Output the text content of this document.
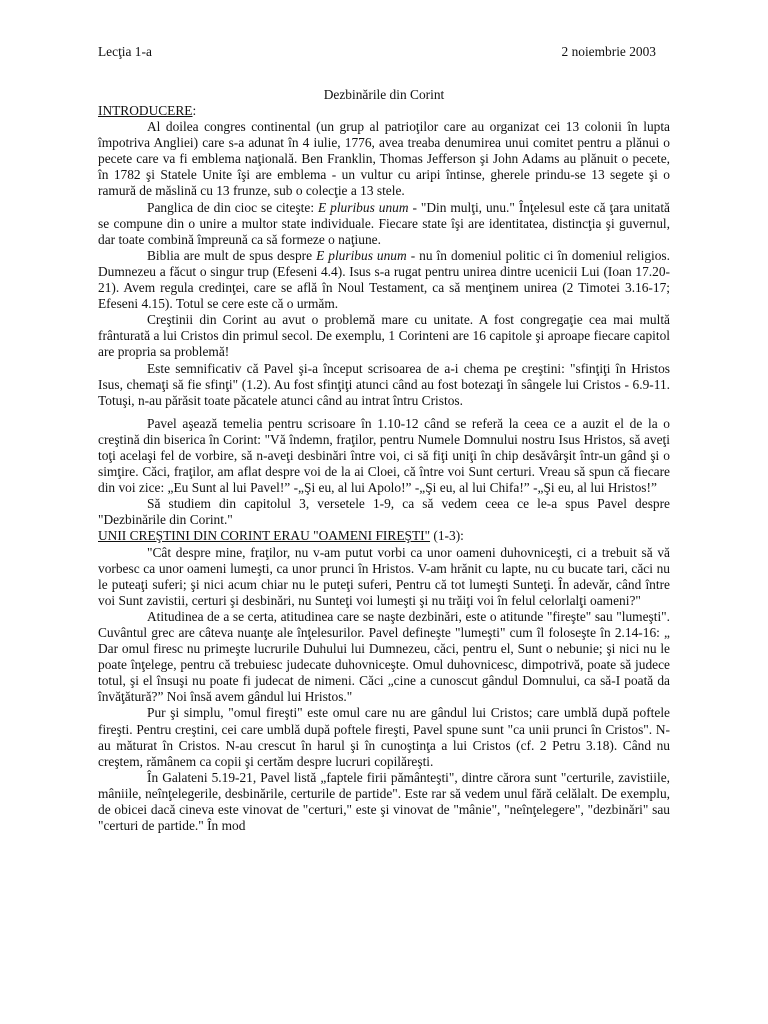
Lecţia 1-a	2 noiembrie 2003
Dezbinările din Corint

INTRODUCERE:

Al doilea congres continental (un grup al patrioţilor care au organizat cei 13 colonii în lupta împotriva Angliei) care s-a adunat în 4 iulie, 1776, avea treaba denumirea unui comitet pentru a plănui o pecete care va fi emblema naţională. Ben Franklin, Thomas Jefferson şi John Adams au plănuit o pecete, în 1782 şi Statele Unite îşi are emblema - un vultur cu aripi întinse, gherele prindu-se 13 segete şi o ramură de măslină cu 13 frunze, sub o colecţie a 13 stele.

Panglica de din cioc se citeşte: E pluribus unum - "Din mulţi, unu." Înţelesul este că ţara unitată se compune din o unire a multor state individuale. Fiecare state îşi are identitatea, distincţia şi guvernul, dar toate combină împreună ca să formeze o naţiune.

Biblia are mult de spus despre E pluribus unum - nu în domeniul politic ci în domeniul religios. Dumnezeu a făcut o singur trup (Efeseni 4.4). Isus s-a rugat pentru unirea dintre ucenicii Lui (Ioan 17.20-21). Avem regula credinţei, care se află în Noul Testament, ca să menţinem unirea (2 Timotei 3.16-17; Efeseni 4.15). Totul se cere este că o urmăm.

Creştinii din Corint au avut o problemă mare cu unitate. A fost congregaţie cea mai multă frânturată a lui Cristos din primul secol. De exemplu, 1 Corinteni are 16 capitole şi aproape fiecare capitol are propria sa problemă!

Este semnificativ că Pavel şi-a început scrisoarea de a-i chema pe creştini: "sfinţiţi în Hristos Isus, chemaţi să fie sfinţi" (1.2). Au fost sfinţiţi atunci când au fost botezaţi în sângele lui Cristos - 6.9-11. Totuşi, n-au părăsit toate păcatele atunci când au intrat întru Cristos.

Pavel aşează temelia pentru scrisoare în 1.10-12 când se referă la ceea ce a auzit el de la o creştină din biserica în Corint: "Vă îndemn, fraţilor, pentru Numele Domnului nostru Isus Hristos, să aveţi toţi acelaşi fel de vorbire, să n-aveţi desbinări între voi, ci să fiţi uniţi în chip desăvârşit într-un gând şi o simţire. Căci, fraţilor, am aflat despre voi de la ai Cloei, că între voi Sunt certuri. Vreau să spun că fiecare din voi zice: „Eu Sunt al lui Pavel!” -„Şi eu, al lui Apolo!” -„Şi eu, al lui Chifa!” -„Şi eu, al lui Hristos!”

Să studiem din capitolul 3, versetele 1-9, ca să vedem ceea ce le-a spus Pavel despre "Dezbinările din Corint."

UNII CREŞTINI DIN CORINT ERAU "OAMENI FIREŞTI" (1-3):

"Cât despre mine, fraţilor, nu v-am putut vorbi ca unor oameni duhovniceşti, ci a trebuit să vă vorbesc ca unor oameni lumeşti, ca unor prunci în Hristos. V-am hrănit cu lapte, nu cu bucate tari, căci nu le puteaţi suferi; şi nici acum chiar nu le puteţi suferi, Pentru că tot lumeşti Sunteţi. În adevăr, când între voi Sunt zavistii, certuri şi desbinări, nu Sunteţi voi lumeşti şi nu trăiţi voi în felul celorlalţi oameni?"

Atitudinea de a se certa, atitudinea care se naşte dezbinări, este o atitunde "fireşte" sau "lumeşti". Cuvântul grec are câteva nuanţe ale înţelesurilor. Pavel defineşte "lumeşti" cum îl foloseşte în 2.14-16: „ Dar omul firesc nu primeşte lucrurile Duhului lui Dumnezeu, căci, pentru el, Sunt o nebunie; şi nici nu le poate înţelege, pentru că trebuiesc judecate duhovniceşte. Omul duhovnicesc, dimpotrivă, poate să judece totul, şi el însuşi nu poate fi judecat de nimeni. Căci „cine a cunoscut gândul Domnului, ca să-I poată da învăţătură?” Noi însă avem gândul lui Hristos."

Pur şi simplu, "omul fireşti" este omul care nu are gândul lui Cristos; care umblă după poftele fireşti. Pentru creştini, cei care umblă după poftele fireşti, Pavel spune sunt "ca unii prunci în Cristos". N-au măturat în Cristos. N-au crescut în harul şi în cunoştinţa a lui Cristos (cf. 2 Petru 3.18). Când nu creştem, rămânem ca copii şi certăm despre lucruri copilăreşti.

În Galateni 5.19-21, Pavel listă „faptele firii pământeşti", dintre cărora sunt "certurile, zavistiile, mâniile, neînţelegerile, desbinările, certurile de partide". Este rar să vedem unul fără celălalt. De exemplu, de obicei dacă cineva este vinovat de "certuri," este şi vinovat de "mânie", "neînţelegere", "dezbinări" sau "certuri de partide." În mod
